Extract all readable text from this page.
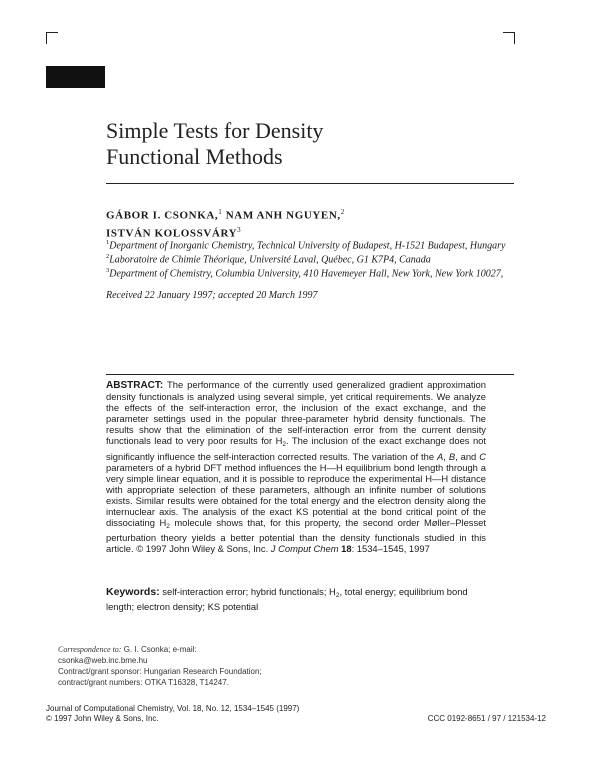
Simple Tests for Density
Functional Methods
GÁBOR I. CSONKA,$^1$ NAM ANH NGUYEN,$^2$
ISTVÁN KOLOSSVÁRY$^3$
$^1$Department of Inorganic Chemistry, Technical University of Budapest, H-1521 Budapest, Hungary
$^2$Laboratoire de Chimie Théorique, Université Laval, Québec, G1 K7P4, Canada
$^3$Department of Chemistry, Columbia University, 410 Havemeyer Hall, New York, New York 10027,
Received 22 January 1997; accepted 20 March 1997
ABSTRACT: The performance of the currently used generalized gradient approximation density functionals is analyzed using several simple, yet critical requirements. We analyze the effects of the self-interaction error, the inclusion of the exact exchange, and the parameter settings used in the popular three-parameter hybrid density functionals. The results show that the elimination of the self-interaction error from the current density functionals lead to very poor results for $H_2$. The inclusion of the exact exchange does not significantly influence the self-interaction corrected results. The variation of the A, B, and C parameters of a hybrid DFT method influences the H—H equilibrium bond length through a very simple linear equation, and it is possible to reproduce the experimental H—H distance with appropriate selection of these parameters, although an infinite number of solutions exists. Similar results were obtained for the total energy and the electron density along the internuclear axis. The analysis of the exact KS potential at the bond critical point of the dissociating $H_2$ molecule shows that, for this property, the second order Møller–Plesset perturbation theory yields a better potential than the density functionals studied in this article. © 1997 John Wiley & Sons, Inc. J Comput Chem 18: 1534–1545, 1997
Keywords: self-interaction error; hybrid functionals; $H_2$, total energy; equilibrium bond length; electron density; KS potential
Correspondence to: G. I. Csonka; e-mail: csonka@web.inc.bme.hu
Contract/grant sponsor: Hungarian Research Foundation; contract/grant numbers: OTKA T16328, T14247.
Journal of Computational Chemistry, Vol. 18, No. 12, 1534–1545 (1997)
© 1997 John Wiley & Sons, Inc.	CCC 0192-8651 / 97 / 121534-12
